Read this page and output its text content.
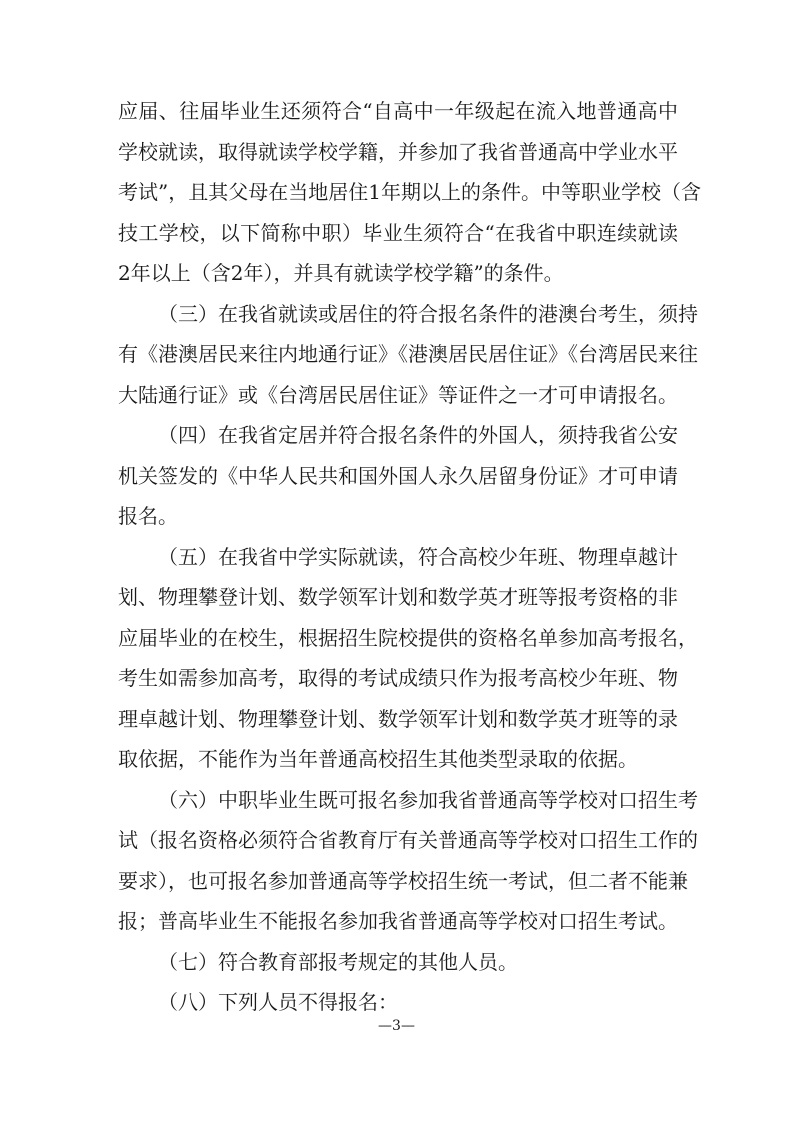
应届、往届毕业生还须符合“自高中一年级起在流入地普通高中
学校就读，取得就读学校学籍，并参加了我省普通高中学业水平
考试”，且其父母在当地居住1年期以上的条件。中等职业学校（含
技工学校，以下简称中职）毕业生须符合“在我省中职连续就读
2年以上（含2年），并具有就读学校学籍”的条件。
（三）在我省就读或居住的符合报名条件的港澳台考生，须持
有《港澳居民来往内地通行证》《港澳居民居住证》《台湾居民来往
大陆通行证》或《台湾居民居住证》等证件之一才可申请报名。
（四）在我省定居并符合报名条件的外国人，须持我省公安
机关签发的《中华人民共和国外国人永久居留身份证》才可申请
报名。
（五）在我省中学实际就读，符合高校少年班、物理卓越计
划、物理攀登计划、数学领军计划和数学英才班等报考资格的非
应届毕业的在校生，根据招生院校提供的资格名单参加高考报名，
考生如需参加高考，取得的考试成绩只作为报考高校少年班、物
理卓越计划、物理攀登计划、数学领军计划和数学英才班等的录
取依据，不能作为当年普通高校招生其他类型录取的依据。
（六）中职毕业生既可报名参加我省普通高等学校对口招生考
试（报名资格必须符合省教育厅有关普通高等学校对口招生工作的
要求），也可报名参加普通高等学校招生统一考试，但二者不能兼
报；普高毕业生不能报名参加我省普通高等学校对口招生考试。
（七）符合教育部报考规定的其他人员。
（八）下列人员不得报名：
—3—
